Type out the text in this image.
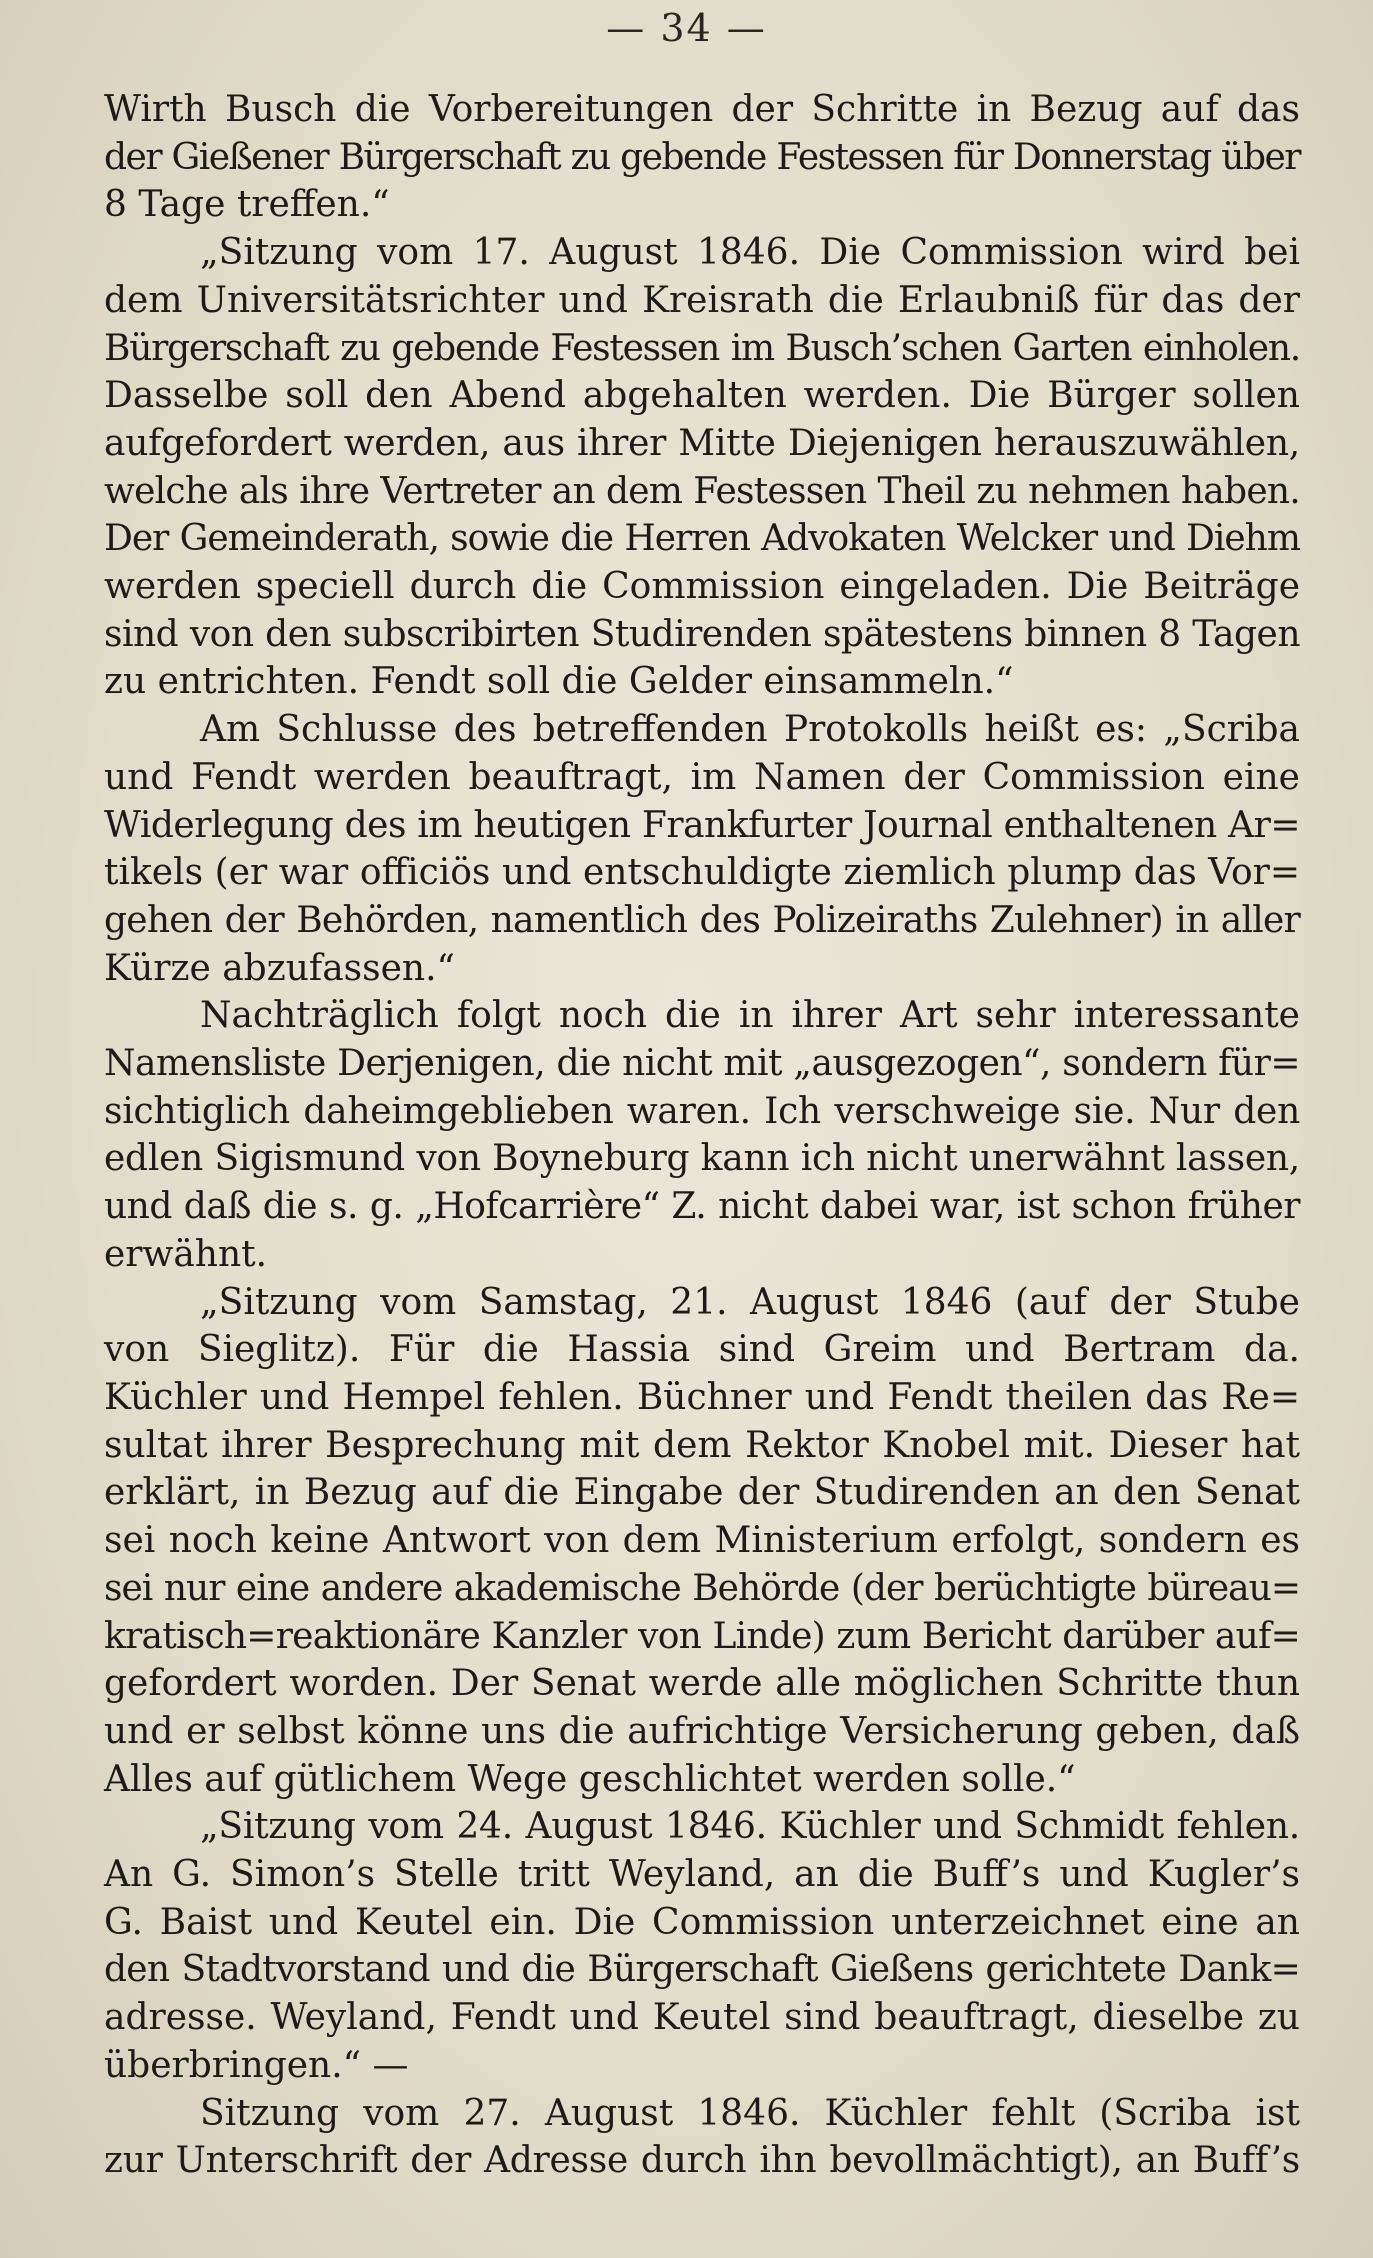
— 34 —
Wirth Busch die Vorbereitungen der Schritte in Bezug auf das
der Gießener Bürgerschaft zu gebende Festessen für Donnerstag über
8 Tage treffen.“
„Sitzung vom 17. August 1846. Die Commission wird bei
dem Universitätsrichter und Kreisrath die Erlaubniß für das der
Bürgerschaft zu gebende Festessen im Busch’schen Garten einholen.
Dasselbe soll den Abend abgehalten werden. Die Bürger sollen
aufgefordert werden, aus ihrer Mitte Diejenigen herauszuwählen,
welche als ihre Vertreter an dem Festessen Theil zu nehmen haben.
Der Gemeinderath, sowie die Herren Advokaten Welcker und Diehm
werden speciell durch die Commission eingeladen. Die Beiträge
sind von den subscribirten Studirenden spätestens binnen 8 Tagen
zu entrichten. Fendt soll die Gelder einsammeln.“
Am Schlusse des betreffenden Protokolls heißt es: „Scriba
und Fendt werden beauftragt, im Namen der Commission eine
Widerlegung des im heutigen Frankfurter Journal enthaltenen Ar=
tikels (er war officiös und entschuldigte ziemlich plump das Vor=
gehen der Behörden, namentlich des Polizeiraths Zulehner) in aller
Kürze abzufassen.“
Nachträglich folgt noch die in ihrer Art sehr interessante
Namensliste Derjenigen, die nicht mit „ausgezogen“, sondern für=
sichtiglich daheimgeblieben waren. Ich verschweige sie. Nur den
edlen Sigismund von Boyneburg kann ich nicht unerwähnt lassen,
und daß die s. g. „Hofcarrière“ Z. nicht dabei war, ist schon früher
erwähnt.
„Sitzung vom Samstag, 21. August 1846 (auf der Stube
von Sieglitz). Für die Hassia sind Greim und Bertram da.
Küchler und Hempel fehlen. Büchner und Fendt theilen das Re=
sultat ihrer Besprechung mit dem Rektor Knobel mit. Dieser hat
erklärt, in Bezug auf die Eingabe der Studirenden an den Senat
sei noch keine Antwort von dem Ministerium erfolgt, sondern es
sei nur eine andere akademische Behörde (der berüchtigte büreau=
kratisch=reaktionäre Kanzler von Linde) zum Bericht darüber auf=
gefordert worden. Der Senat werde alle möglichen Schritte thun
und er selbst könne uns die aufrichtige Versicherung geben, daß
Alles auf gütlichem Wege geschlichtet werden solle.“
„Sitzung vom 24. August 1846. Küchler und Schmidt fehlen.
An G. Simon’s Stelle tritt Weyland, an die Buff’s und Kugler’s
G. Baist und Keutel ein. Die Commission unterzeichnet eine an
den Stadtvorstand und die Bürgerschaft Gießens gerichtete Dank=
adresse. Weyland, Fendt und Keutel sind beauftragt, dieselbe zu
überbringen.“ —
Sitzung vom 27. August 1846. Küchler fehlt (Scriba ist
zur Unterschrift der Adresse durch ihn bevollmächtigt), an Buff’s
